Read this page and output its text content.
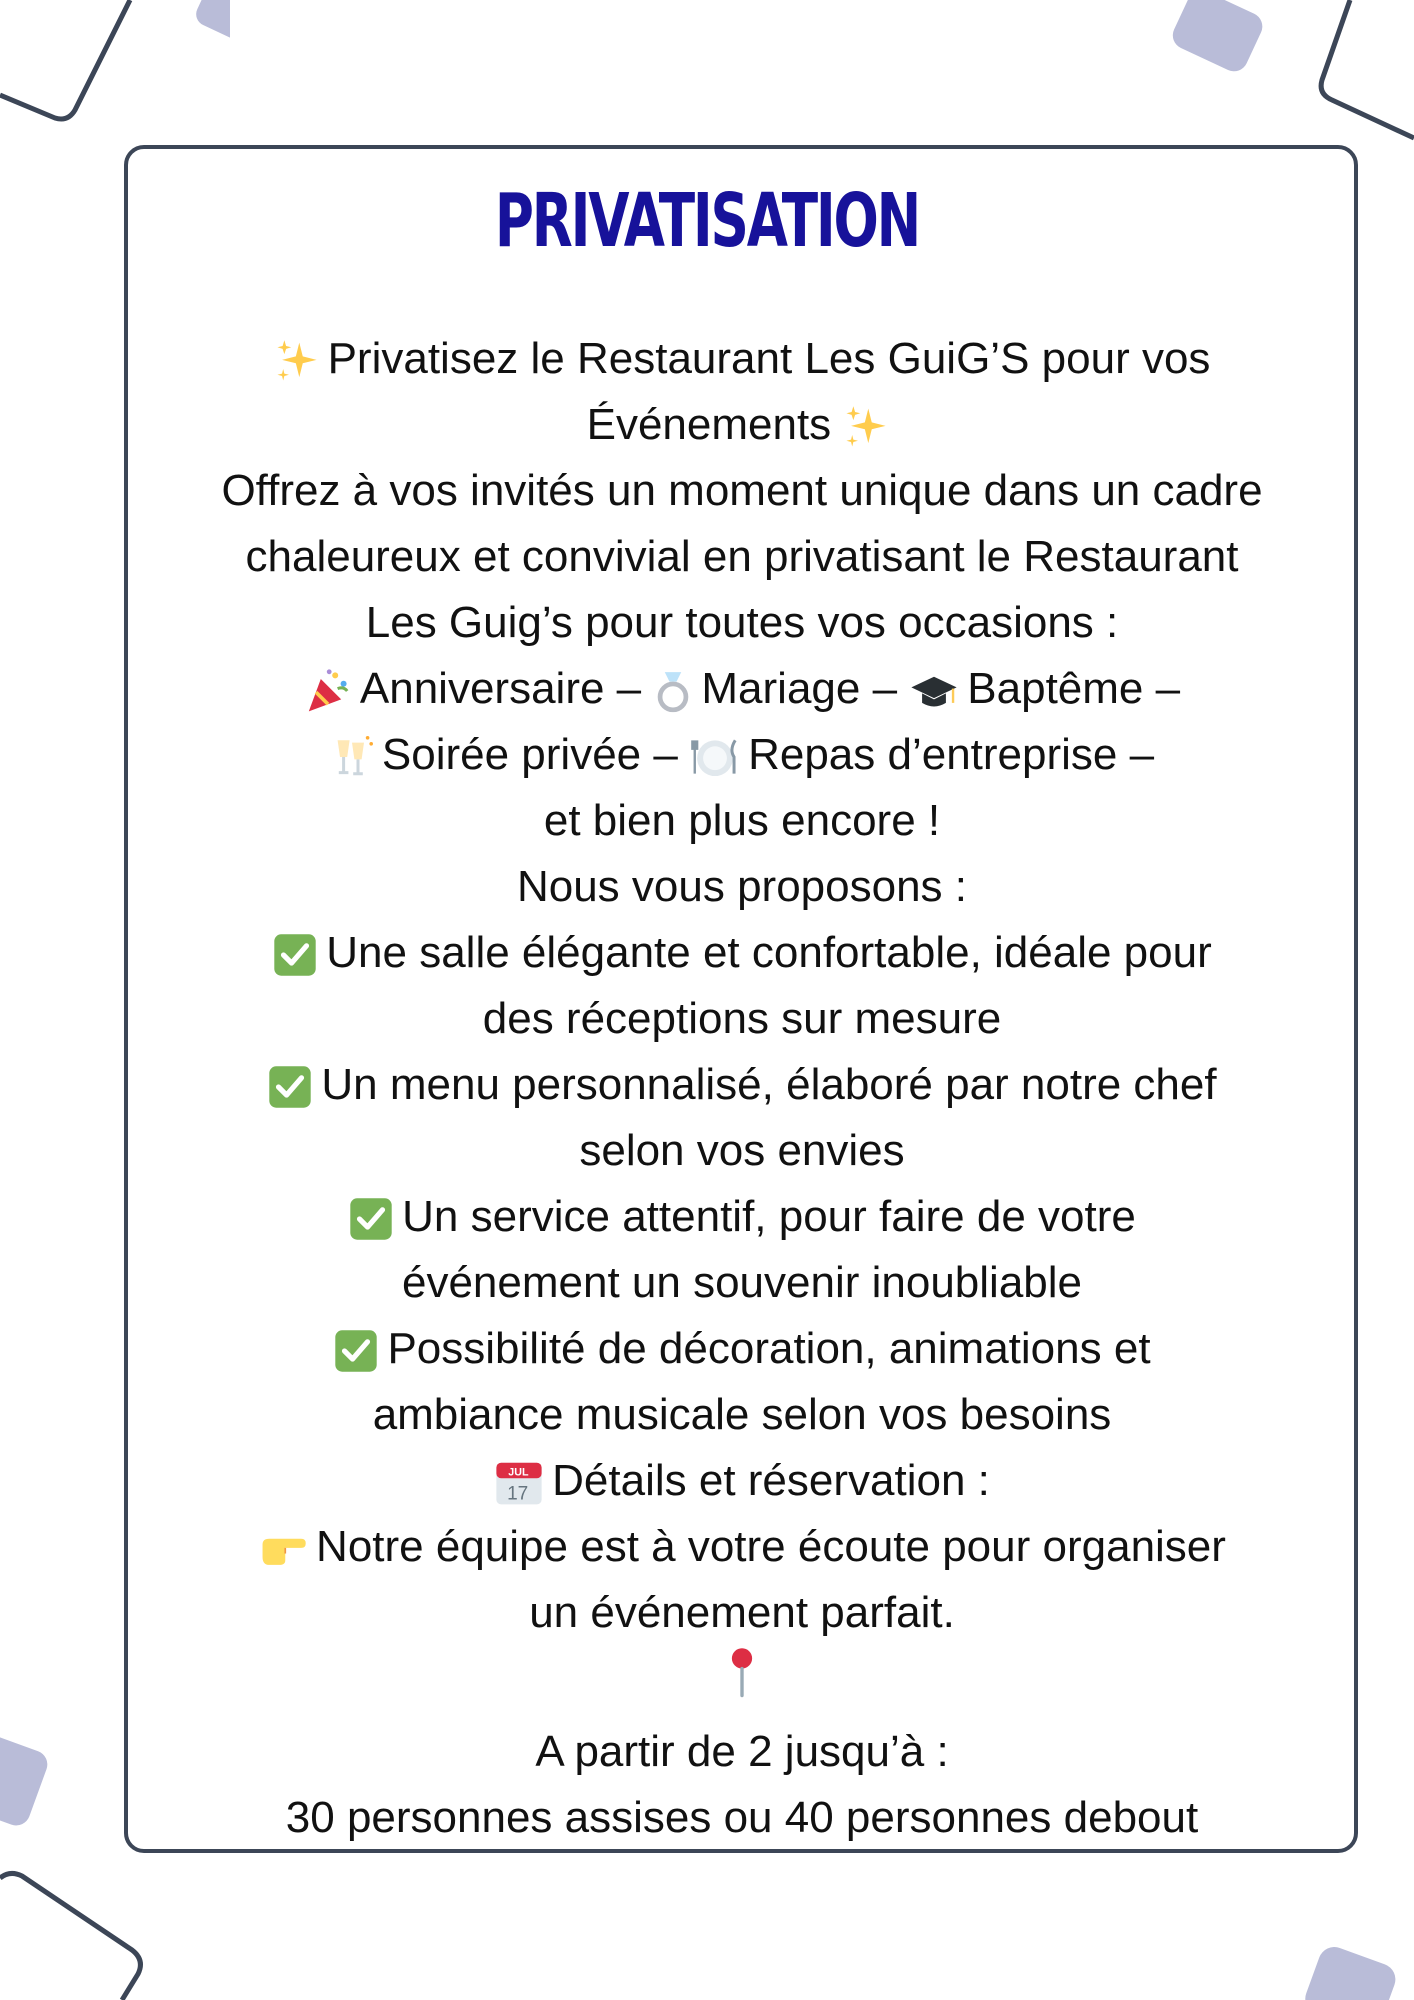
PRIVATISATION
Privatisez le Restaurant Les GuiG’S pour vos
Événements
Offrez à vos invités un moment unique dans un cadre
chaleureux et convivial en privatisant le Restaurant
Les Guig’s pour toutes vos occasions :
Anniversaire – Mariage – Baptême –
Soirée privée – Repas d’entreprise –
et bien plus encore !
Nous vous proposons :
Une salle élégante et confortable, idéale pour
des réceptions sur mesure
Un menu personnalisé, élaboré par notre chef
selon vos envies
Un service attentif, pour faire de votre
événement un souvenir inoubliable
Possibilité de décoration, animations et
ambiance musicale selon vos besoins
JUL
17 Détails et réservation :
Notre équipe est à votre écoute pour organiser
un événement parfait.
A partir de 2 jusqu’à :
30 personnes assises ou 40 personnes debout
